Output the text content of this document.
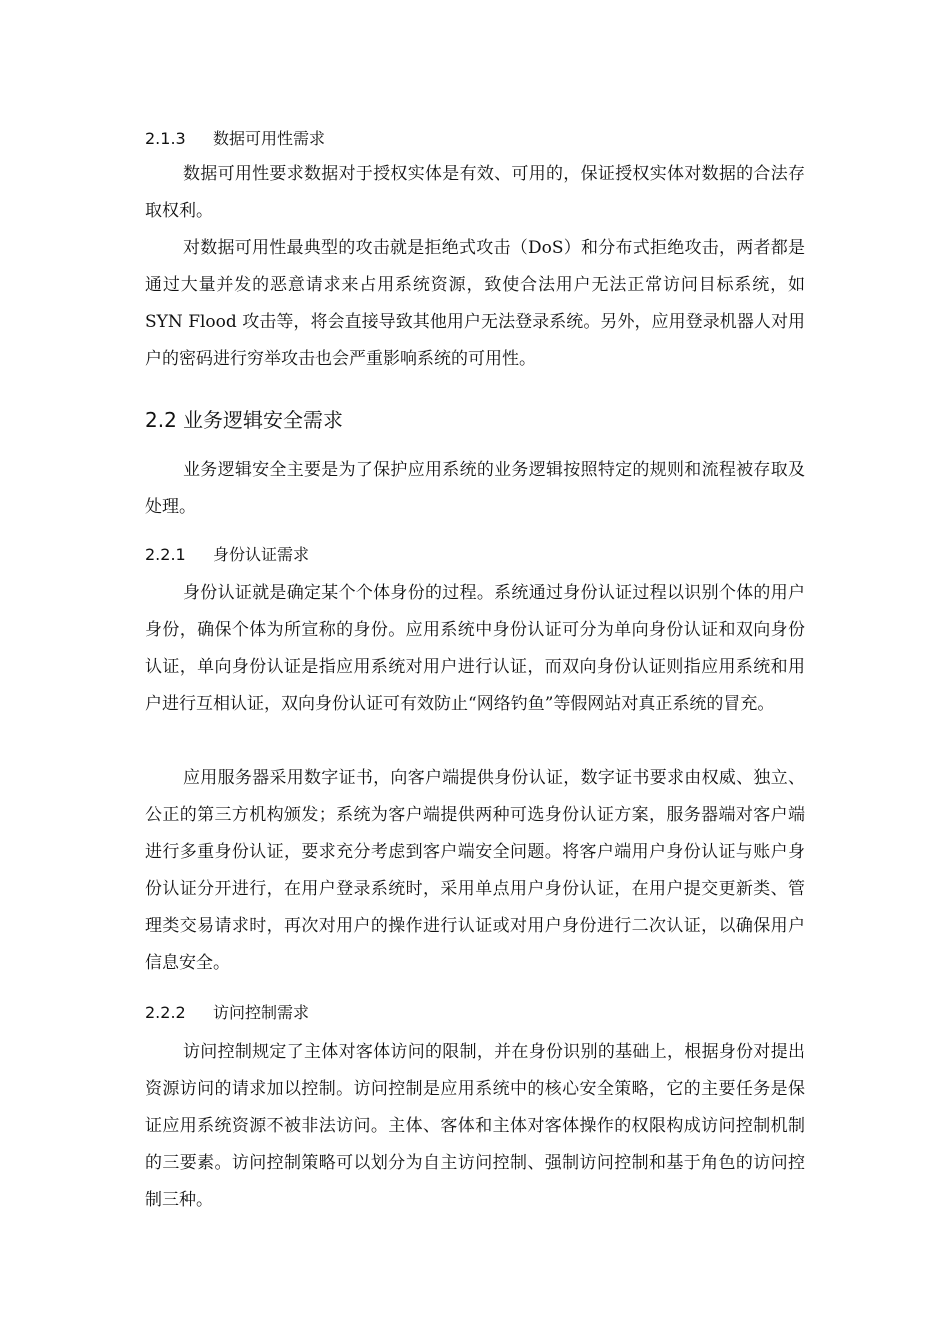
2.1.3 数据可用性需求
数据可用性要求数据对于授权实体是有效、可用的，保证授权实体对数据的合法存取权利。
对数据可用性最典型的攻击就是拒绝式攻击（DoS）和分布式拒绝攻击，两者都是通过大量并发的恶意请求来占用系统资源，致使合法用户无法正常访问目标系统，如 SYN Flood 攻击等，将会直接导致其他用户无法登录系统。另外，应用登录机器人对用户的密码进行穷举攻击也会严重影响系统的可用性。
2.2 业务逻辑安全需求
业务逻辑安全主要是为了保护应用系统的业务逻辑按照特定的规则和流程被存取及处理。
2.2.1 身份认证需求
身份认证就是确定某个个体身份的过程。系统通过身份认证过程以识别个体的用户身份，确保个体为所宣称的身份。应用系统中身份认证可分为单向身份认证和双向身份认证，单向身份认证是指应用系统对用户进行认证，而双向身份认证则指应用系统和用户进行互相认证，双向身份认证可有效防止“网络钓鱼”等假网站对真正系统的冒充。
应用服务器采用数字证书，向客户端提供身份认证，数字证书要求由权威、独立、公正的第三方机构颁发；系统为客户端提供两种可选身份认证方案，服务器端对客户端进行多重身份认证，要求充分考虑到客户端安全问题。将客户端用户身份认证与账户身份认证分开进行，在用户登录系统时，采用单点用户身份认证，在用户提交更新类、管理类交易请求时，再次对用户的操作进行认证或对用户身份进行二次认证，以确保用户信息安全。
2.2.2 访问控制需求
访问控制规定了主体对客体访问的限制，并在身份识别的基础上，根据身份对提出资源访问的请求加以控制。访问控制是应用系统中的核心安全策略，它的主要任务是保证应用系统资源不被非法访问。主体、客体和主体对客体操作的权限构成访问控制机制的三要素。访问控制策略可以划分为自主访问控制、强制访问控制和基于角色的访问控制三种。
